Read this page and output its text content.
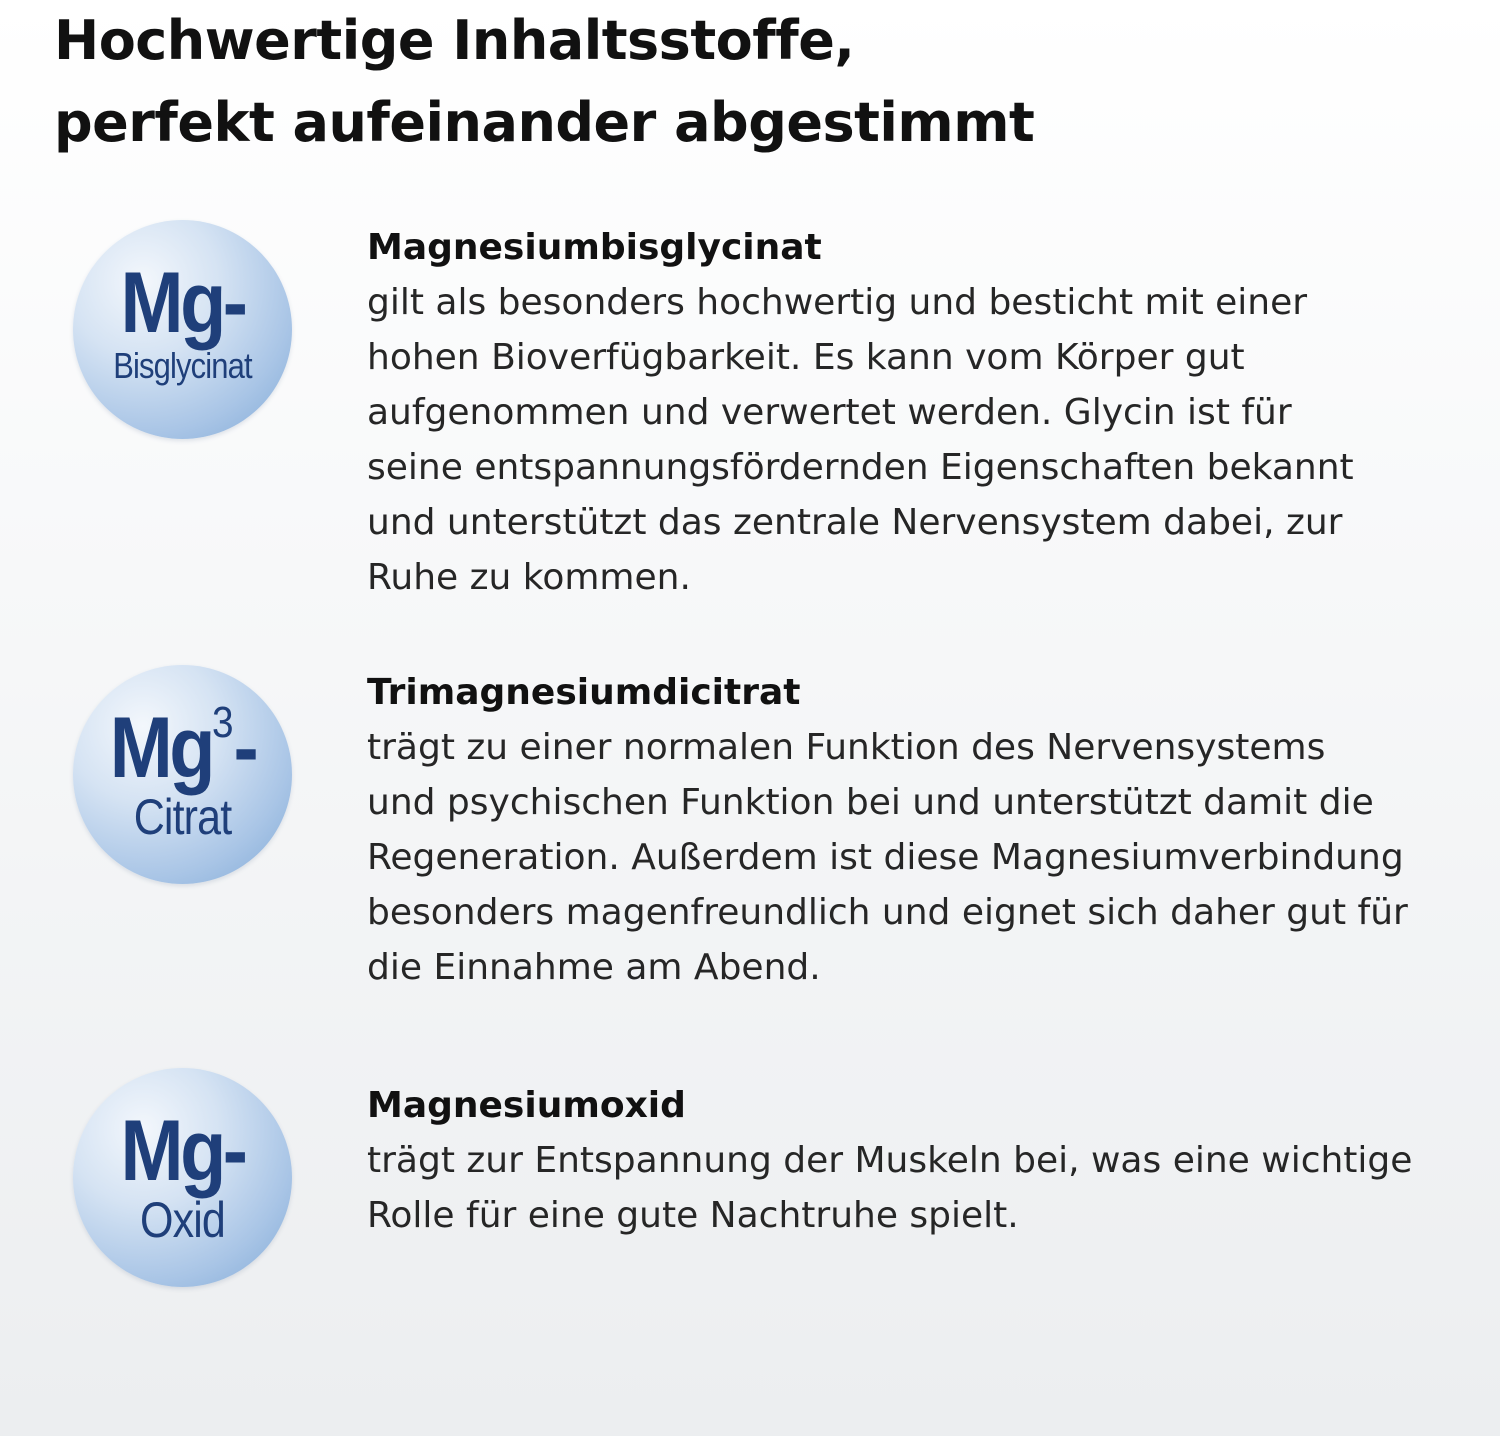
Hochwertige Inhaltsstoffe,
perfekt aufeinander abgestimmt
Mg-
Bisglycinat
Magnesiumbisglycinat
gilt als besonders hochwertig und besticht mit einer
hohen Bioverfügbarkeit. Es kann vom Körper gut
aufgenommen und verwertet werden. Glycin ist für
seine entspannungsfördernden Eigenschaften bekannt
und unterstützt das zentrale Nervensystem dabei, zur
Ruhe zu kommen.
Mg$^3$-
Citrat
Trimagnesiumdicitrat
trägt zu einer normalen Funktion des Nervensystems
und psychischen Funktion bei und unterstützt damit die
Regeneration. Außerdem ist diese Magnesiumverbindung
besonders magenfreundlich und eignet sich daher gut für
die Einnahme am Abend.
Mg-
Oxid
Magnesiumoxid
trägt zur Entspannung der Muskeln bei, was eine wichtige
Rolle für eine gute Nachtruhe spielt.
